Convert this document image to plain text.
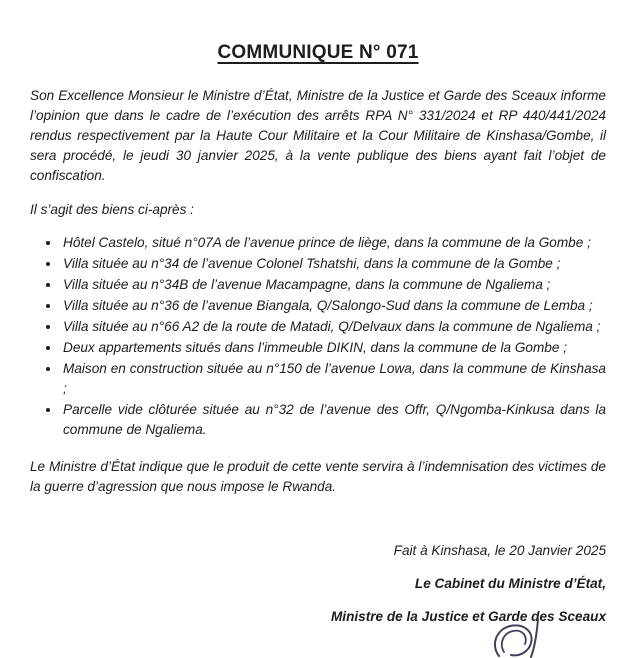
COMMUNIQUE N° 071

Son Excellence Monsieur le Ministre d’État, Ministre de la Justice et Garde des Sceaux informe l’opinion que dans le cadre de l’exécution des arrêts RPA N° 331/2024 et RP 440/441/2024 rendus respectivement par la Haute Cour Militaire et la Cour Militaire de Kinshasa/Gombe, il sera procédé, le jeudi 30 janvier 2025, à la vente publique des biens ayant fait l’objet de confiscation.

Il s’agit des biens ci-après :

• Hôtel Castelo, situé n°07A de l’avenue prince de liège, dans la commune de la Gombe ;
• Villa située au n°34 de l’avenue Colonel Tshatshi, dans la commune de la Gombe ;
• Villa située au n°34B de l’avenue Macampagne, dans la commune de Ngaliema ;
• Villa située au n°36 de l’avenue Biangala, Q/Salongo-Sud dans la commune de Lemba ;
• Villa située au n°66 A2 de la route de Matadi, Q/Delvaux dans la commune de Ngaliema ;
• Deux appartements situés dans l’immeuble DIKIN, dans la commune de la Gombe ;
• Maison en construction située au n°150 de l’avenue Lowa, dans la commune de Kinshasa ;
• Parcelle vide clôturée située au n°32 de l’avenue des Offr, Q/Ngomba-Kinkusa dans la commune de Ngaliema.

Le Ministre d’État indique que le produit de cette vente servira à l’indemnisation des victimes de la guerre d’agression que nous impose le Rwanda.

Fait à Kinshasa, le 20 Janvier 2025
Le Cabinet du Ministre d’État,
Ministre de la Justice et Garde des Sceaux
